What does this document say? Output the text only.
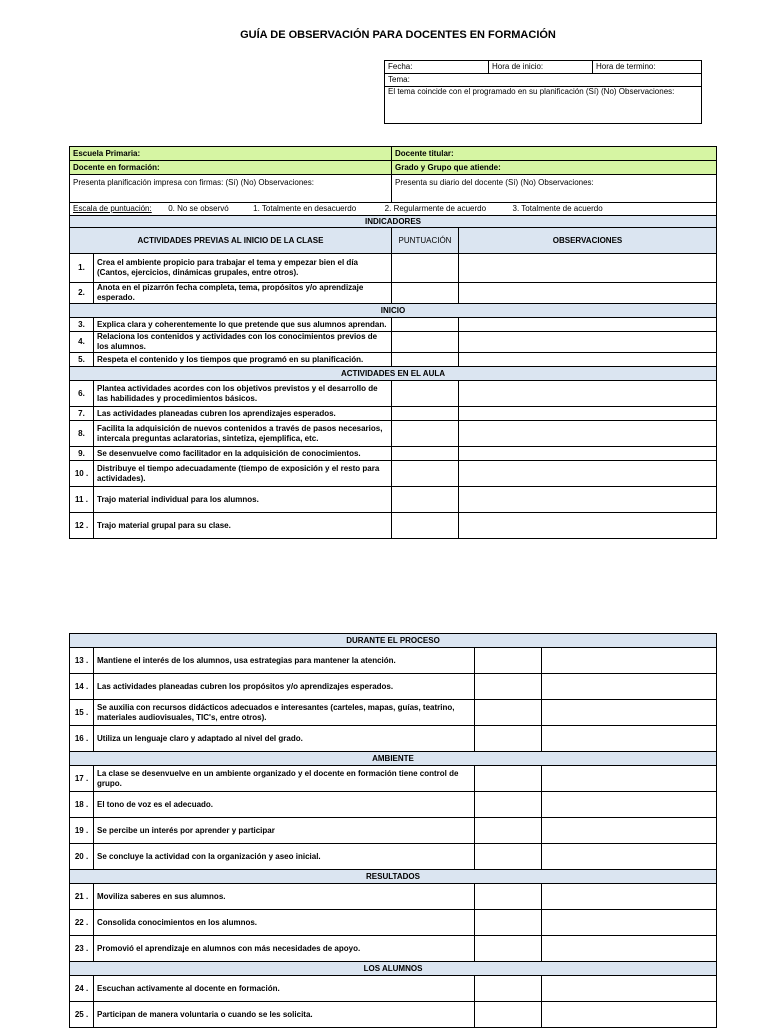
GUÍA DE OBSERVACIÓN PARA DOCENTES EN FORMACIÓN
Fecha:	Hora de inicio:	Hora de termino:
Tema:
El tema coincide con el programado en su planificación (Sí) (No) Observaciones:
Escuela Primaria:		Docente titular:	
Docente en formación:		Grado y Grupo que atiende:	
Presenta planificación impresa con firmas: (Sí) (No) Observaciones:		Presenta su diario del docente (Sí) (No) Observaciones:	
Escala de puntuación: 0. No se observó 1. Totalmente en desacuerdo 2. Regularmente de acuerdo 3. Totalmente de acuerdo			
INDICADORES			
ACTIVIDADES PREVIAS AL INICIO DE LA CLASE		PUNTUACIÓN	OBSERVACIONES
1.	Crea el ambiente propicio para trabajar el tema y empezar bien el día (Cantos, ejercicios, dinámicas grupales, entre otros).		
2.	Anota en el pizarrón fecha completa, tema, propósitos y/o aprendizaje esperado.		
INICIO			
3.	Explica clara y coherentemente lo que pretende que sus alumnos aprendan.		
4.	Relaciona los contenidos y actividades con los conocimientos previos de los alumnos.		
5.	Respeta el contenido y los tiempos que programó en su planificación.		
ACTIVIDADES EN EL AULA			
6.	Plantea actividades acordes con los objetivos previstos y el desarrollo de las habilidades y procedimientos básicos.		
7.	Las actividades planeadas cubren los aprendizajes esperados.		
8.	Facilita la adquisición de nuevos contenidos a través de pasos necesarios, intercala preguntas aclaratorias, sintetiza, ejemplifica, etc.		
9.	Se desenvuelve como facilitador en la adquisición de conocimientos.		
10 .	Distribuye el tiempo adecuadamente (tiempo de exposición y el resto para actividades).		
11 .	Trajo material individual para los alumnos.		
12 .	Trajo material grupal para su clase.		
DURANTE EL PROCESO			
13 .	Mantiene el interés de los alumnos, usa estrategias para mantener la atención.		
14 .	Las actividades planeadas cubren los propósitos y/o aprendizajes esperados.		
15 .	Se auxilia con recursos didácticos adecuados e interesantes (carteles, mapas, guías, teatrino, materiales audiovisuales, TIC's, entre otros).		
16 .	Utiliza un lenguaje claro y adaptado al nivel del grado.		
AMBIENTE			
17 .	La clase se desenvuelve en un ambiente organizado y el docente en formación tiene control de grupo.		
18 .	El tono de voz es el adecuado.		
19 .	Se percibe un interés por aprender y participar		
20 .	Se concluye la actividad con la organización y aseo inicial.		
RESULTADOS			
21 .	Moviliza saberes en sus alumnos.		
22 .	Consolida conocimientos en los alumnos.		
23 .	Promovió el aprendizaje en alumnos con más necesidades de apoyo.		
LOS ALUMNOS			
24 .	Escuchan activamente al docente en formación.		
25 .	Participan de manera voluntaria o cuando se les solicita.		
